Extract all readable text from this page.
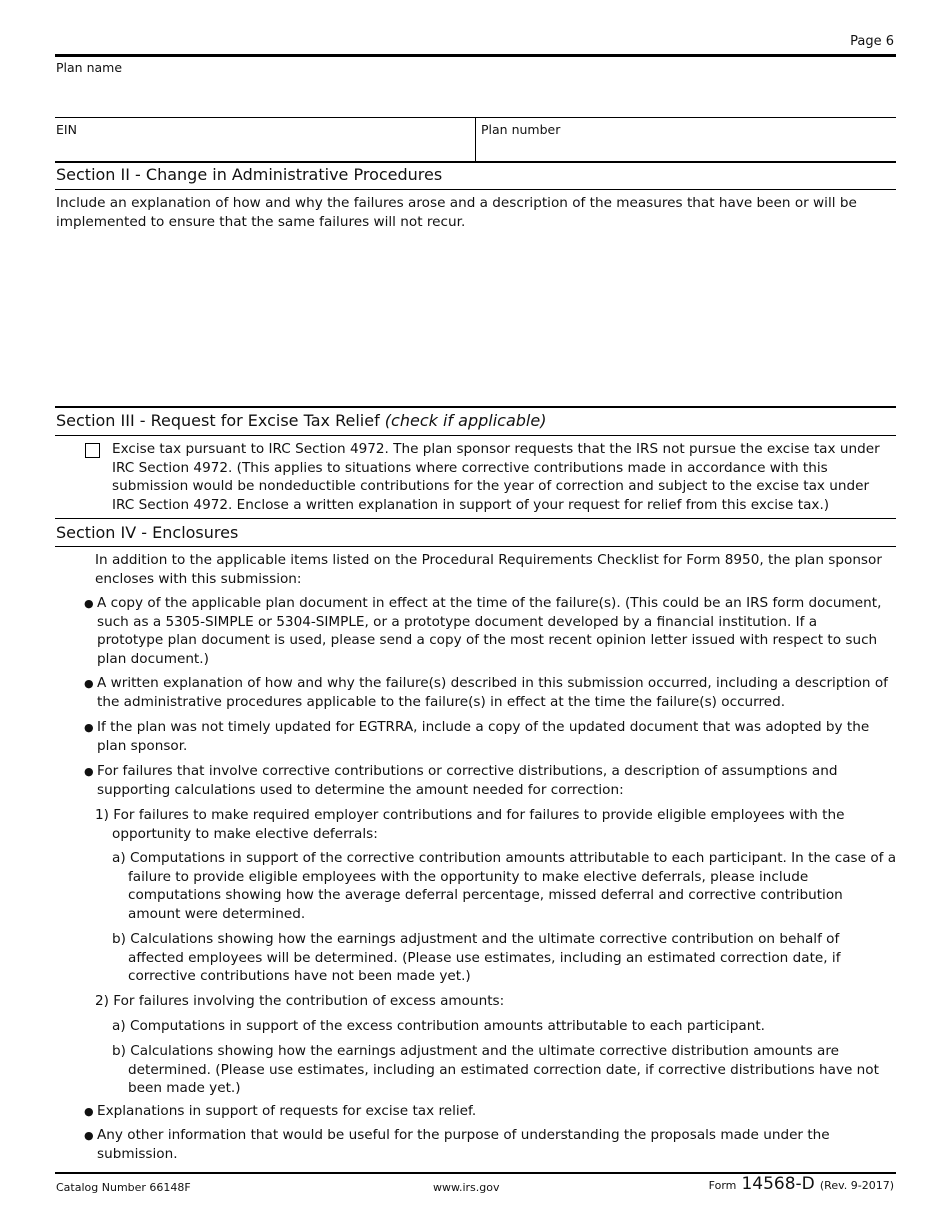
Page 6
Plan name
EIN	Plan number
Section II - Change in Administrative Procedures
Include an explanation of how and why the failures arose and a description of the measures that have been or will be
implemented to ensure that the same failures will not recur.
Section III - Request for Excise Tax Relief (check if applicable)
Excise tax pursuant to IRC Section 4972. The plan sponsor requests that the IRS not pursue the excise tax under
IRC Section 4972. (This applies to situations where corrective contributions made in accordance with this
submission would be nondeductible contributions for the year of correction and subject to the excise tax under
IRC Section 4972. Enclose a written explanation in support of your request for relief from this excise tax.)
Section IV - Enclosures
In addition to the applicable items listed on the Procedural Requirements Checklist for Form 8950, the plan sponsor
encloses with this submission:
● A copy of the applicable plan document in effect at the time of the failure(s). (This could be an IRS form document,
such as a 5305-SIMPLE or 5304-SIMPLE, or a prototype document developed by a financial institution. If a
prototype plan document is used, please send a copy of the most recent opinion letter issued with respect to such
plan document.)
● A written explanation of how and why the failure(s) described in this submission occurred, including a description of
the administrative procedures applicable to the failure(s) in effect at the time the failure(s) occurred.
● If the plan was not timely updated for EGTRRA, include a copy of the updated document that was adopted by the
plan sponsor.
● For failures that involve corrective contributions or corrective distributions, a description of assumptions and
supporting calculations used to determine the amount needed for correction:
1) For failures to make required employer contributions and for failures to provide eligible employees with the
opportunity to make elective deferrals:
a) Computations in support of the corrective contribution amounts attributable to each participant. In the case of a
failure to provide eligible employees with the opportunity to make elective deferrals, please include
computations showing how the average deferral percentage, missed deferral and corrective contribution
amount were determined.
b) Calculations showing how the earnings adjustment and the ultimate corrective contribution on behalf of
affected employees will be determined. (Please use estimates, including an estimated correction date, if
corrective contributions have not been made yet.)
2) For failures involving the contribution of excess amounts:
a) Computations in support of the excess contribution amounts attributable to each participant.
b) Calculations showing how the earnings adjustment and the ultimate corrective distribution amounts are
determined. (Please use estimates, including an estimated correction date, if corrective distributions have not
been made yet.)
● Explanations in support of requests for excise tax relief.
● Any other information that would be useful for the purpose of understanding the proposals made under the
submission.
Catalog Number 66148F	www.irs.gov	Form 14568-D (Rev. 9-2017)
